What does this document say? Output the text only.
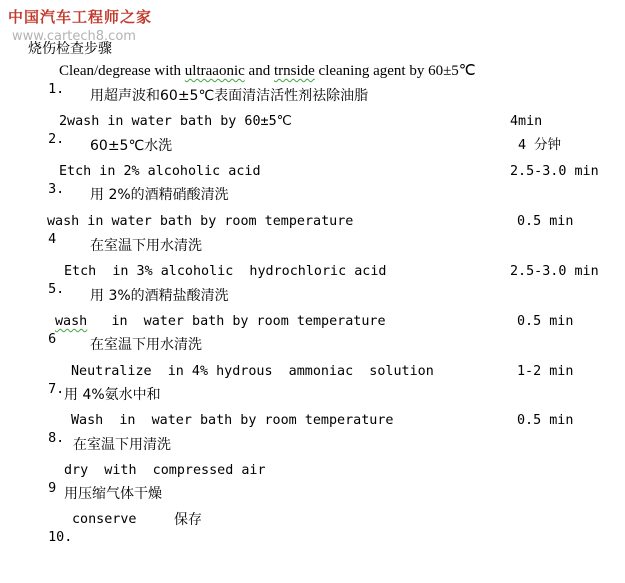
中国汽车工程师之家
www.cartech8.com
烧伤检查步骤

1.

Clean/degrease with ultraaonic and trnside cleaning agent by 60±5℃

用超声波和60±5℃表面清洁活性剂祛除油脂

2.

2wash in water bath by 60±5℃	4min
60±5℃水洗	4 分钟

3.

Etch in 2% alcoholic acid	2.5-3.0 min
用 2%的酒精硝酸清洗

4

wash in water bath by room temperature	0.5 min
在室温下用水清洗

5.

Etch  in 3% alcoholic  hydrochloric acid	2.5-3.0 min
用 3%的酒精盐酸清洗

6

wash in  water bath by room temperature	0.5 min
在室温下用水清洗

7.

Neutralize  in 4% hydrous  ammoniac  solution	1-2 min
用 4%氨水中和

8.

Wash  in  water bath by room temperature	0.5 min
在室温下用清洗

9

dry  with  compressed air

用压缩气体干燥

10.

conserve

	保存
